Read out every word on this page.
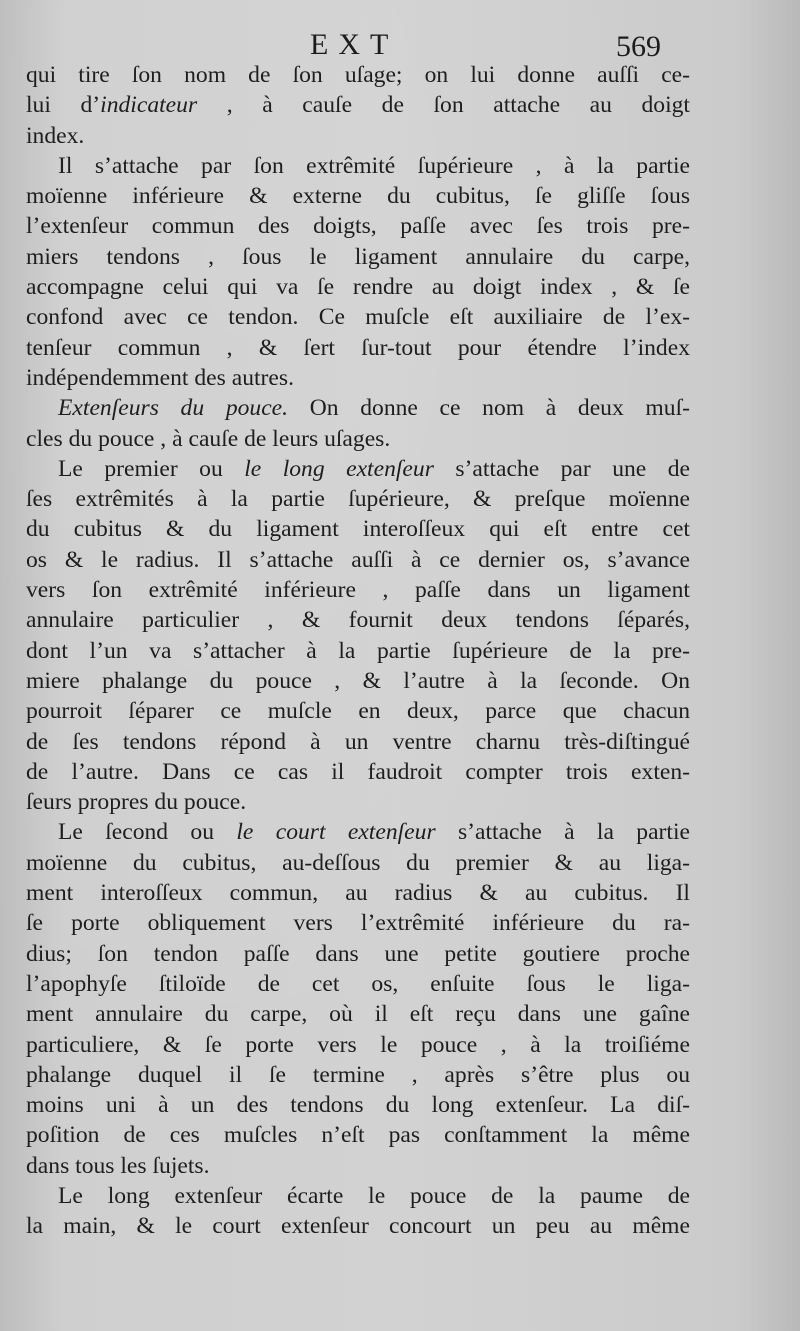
EXT	569
qui tire ſon nom de ſon uſage; on lui donne auſſi ce-
lui d’indicateur , à cauſe de ſon attache au doigt
index.
Il s’attache par ſon extrêmité ſupérieure , à la partie
moïenne inférieure & externe du cubitus, ſe gliſſe ſous
l’extenſeur commun des doigts, paſſe avec ſes trois pre-
miers tendons , ſous le ligament annulaire du carpe,
accompagne celui qui va ſe rendre au doigt index , & ſe
confond avec ce tendon. Ce muſcle eſt auxiliaire de l’ex-
tenſeur commun , & ſert ſur-tout pour étendre l’index
indépendemment des autres.
Extenſeurs du pouce. On donne ce nom à deux muſ-
cles du pouce , à cauſe de leurs uſages.
Le premier ou le long extenſeur s’attache par une de
ſes extrêmités à la partie ſupérieure, & preſque moïenne
du cubitus & du ligament interoſſeux qui eſt entre cet
os & le radius. Il s’attache auſſi à ce dernier os, s’avance
vers ſon extrêmité inférieure , paſſe dans un ligament
annulaire particulier , & fournit deux tendons ſéparés,
dont l’un va s’attacher à la partie ſupérieure de la pre-
miere phalange du pouce , & l’autre à la ſeconde. On
pourroit ſéparer ce muſcle en deux, parce que chacun
de ſes tendons répond à un ventre charnu très-diſtingué
de l’autre. Dans ce cas il faudroit compter trois exten-
ſeurs propres du pouce.
Le ſecond ou le court extenſeur s’attache à la partie
moïenne du cubitus, au-deſſous du premier & au liga-
ment interoſſeux commun, au radius & au cubitus. Il
ſe porte obliquement vers l’extrêmité inférieure du ra-
dius; ſon tendon paſſe dans une petite goutiere proche
l’apophyſe ſtiloïde de cet os, enſuite ſous le liga-
ment annulaire du carpe, où il eſt reçu dans une gaîne
particuliere, & ſe porte vers le pouce , à la troiſiéme
phalange duquel il ſe termine , après s’être plus ou
moins uni à un des tendons du long extenſeur. La diſ-
poſition de ces muſcles n’eſt pas conſtamment la même
dans tous les ſujets.
Le long extenſeur écarte le pouce de la paume de
la main, & le court extenſeur concourt un peu au même
